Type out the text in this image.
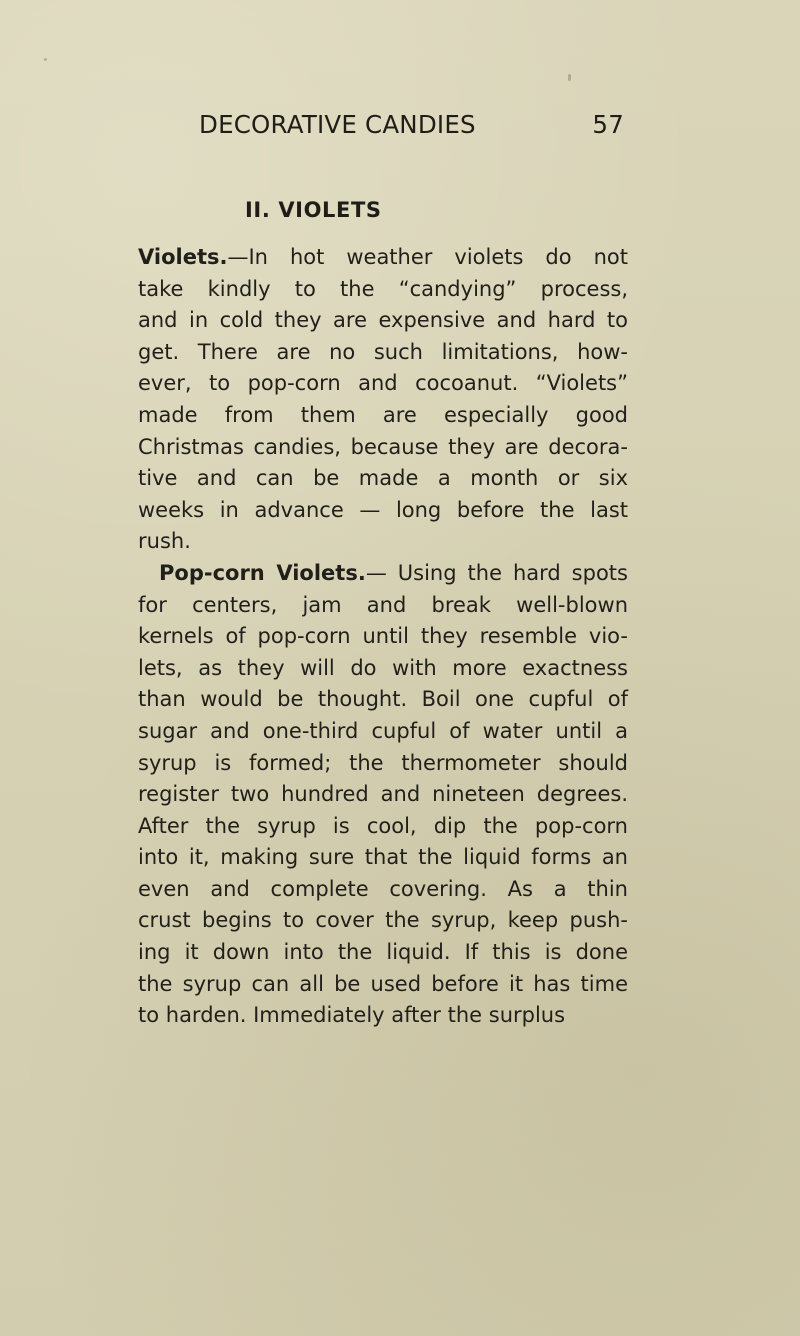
DECORATIVE CANDIES	57
II. VIOLETS
Violets.—In hot weather violets do not
take kindly to the “candying” process,
and in cold they are expensive and hard to
get. There are no such limitations, how-
ever, to pop-corn and cocoanut. “Violets”
made from them are especially good
Christmas candies, because they are decora-
tive and can be made a month or six
weeks in advance — long before the last
rush.
Pop-corn Violets.— Using the hard spots
for centers, jam and break well-blown
kernels of pop-corn until they resemble vio-
lets, as they will do with more exactness
than would be thought. Boil one cupful of
sugar and one-third cupful of water until a
syrup is formed; the thermometer should
register two hundred and nineteen degrees.
After the syrup is cool, dip the pop-corn
into it, making sure that the liquid forms an
even and complete covering. As a thin
crust begins to cover the syrup, keep push-
ing it down into the liquid. If this is done
the syrup can all be used before it has time
to harden. Immediately after the surplus
